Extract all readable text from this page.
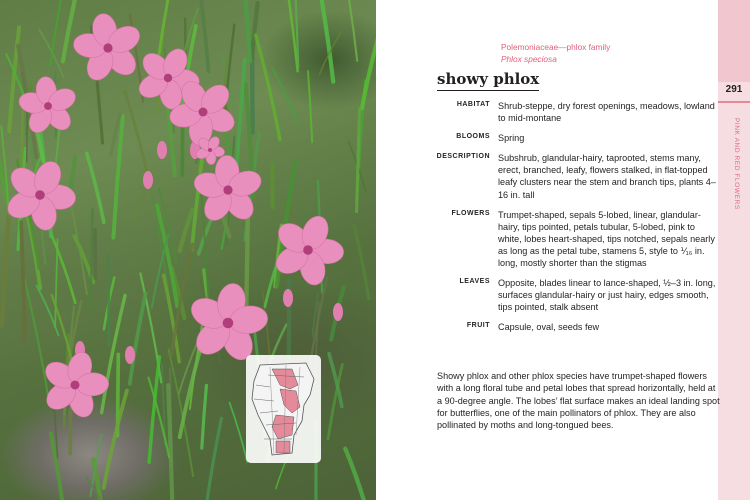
291
PINK AND RED FLOWERS
Polemoniaceae—phlox family
Phlox speciosa
showy phlox
HABITAT Shrub-steppe, dry forest openings, meadows, lowland to mid-montane
BLOOMS Spring
DESCRIPTION Subshrub, glandular-hairy, taprooted, stems many, erect, branched, leafy, flowers stalked, in flat-topped leafy clusters near the stem and branch tips, plants 4–16 in. tall
FLOWERS Trumpet-shaped, sepals 5-lobed, linear, glandular-hairy, tips pointed, petals tubular, 5-lobed, pink to white, lobes heart-shaped, tips notched, sepals nearly as long as the petal tube, stamens 5, style to ⅟₁₆ in. long, mostly shorter than the stigmas
LEAVES Opposite, blades linear to lance-shaped, ½–3 in. long, surfaces glandular-hairy or just hairy, edges smooth, tips pointed, stalk absent
FRUIT Capsule, oval, seeds few
Showy phlox and other phlox species have trumpet-shaped flowers with a long floral tube and petal lobes that spread horizontally, held at a 90-degree angle. The lobes’ flat surface makes an ideal landing spot for butterflies, one of the main pollinators of phlox. They are also pollinated by moths and long-tongued bees.
